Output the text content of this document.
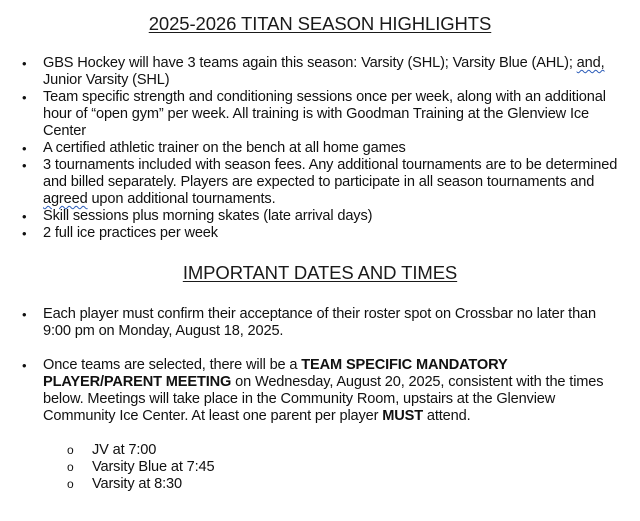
2025-2026 TITAN SEASON HIGHLIGHTS
• GBS Hockey will have 3 teams again this season: Varsity (SHL); Varsity Blue (AHL); and, Junior Varsity (SHL)
• Team specific strength and conditioning sessions once per week, along with an additional hour of “open gym” per week. All training is with Goodman Training at the Glenview Ice Center
• A certified athletic trainer on the bench at all home games
• 3 tournaments included with season fees. Any additional tournaments are to be determined and billed separately. Players are expected to participate in all season tournaments and agreed upon additional tournaments.
• Skill sessions plus morning skates (late arrival days)
• 2 full ice practices per week
IMPORTANT DATES AND TIMES
• Each player must confirm their acceptance of their roster spot on Crossbar no later than 9:00 pm on Monday, August 18, 2025.
• Once teams are selected, there will be a TEAM SPECIFIC MANDATORY PLAYER/PARENT MEETING on Wednesday, August 20, 2025, consistent with the times below. Meetings will take place in the Community Room, upstairs at the Glenview Community Ice Center. At least one parent per player MUST attend.
o JV at 7:00
o Varsity Blue at 7:45
o Varsity at 8:30
